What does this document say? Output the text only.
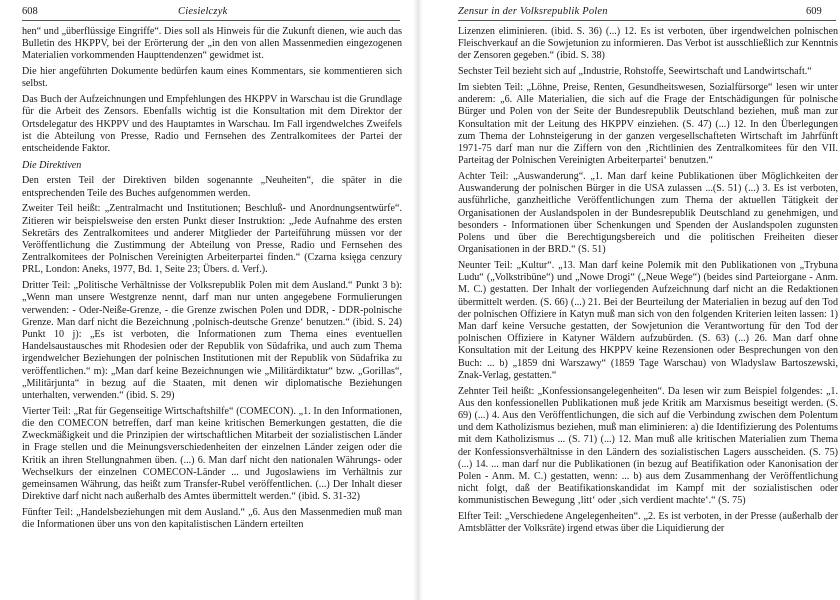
608	Ciesielczyk

hen“ und „überflüssige Eingriffe“. Dies soll als Hinweis für die Zukunft dienen, wie auch das Bulletin des HKPPV, bei der Erörterung der „in den von allen Massenmedien eingezogenen Materialien vorkommenden Haupttendenzen“ gewidmet ist.

Die hier angeführten Dokumente bedürfen kaum eines Kommentars, sie kommentieren sich selbst.

Das Buch der Aufzeichnungen und Empfehlungen des HKPPV in Warschau ist die Grundlage für die Arbeit des Zensors. Ebenfalls wichtig ist die Konsultation mit dem Direktor der Ortsdelegatur des HKPPV und des Hauptamtes in Warschau. Im Fall irgendwelches Zweifels ist die Abteilung von Presse, Radio und Fernsehen des Zentralkomitees der Partei der entscheidende Faktor.

Die Direktiven

Den ersten Teil der Direktiven bilden sogenannte „Neuheiten“, die später in die entsprechenden Teile des Buches aufgenommen werden.

Zweiter Teil heißt: „Zentralmacht und Institutionen; Beschluß- und Anordnungsentwürfe“. Zitieren wir beispielsweise den ersten Punkt dieser Instruktion: „Jede Aufnahme des ersten Sekretärs des Zentralkomitees und anderer Mitglieder der Parteiführung müssen vor der Veröffentlichung die Zustimmung der Abteilung von Presse, Radio und Fernsehen des Zentralkomitees der Polnischen Vereinigten Arbeiterpartei finden.“ (Czarna księga cenzury PRL, London: Aneks, 1977, Bd. 1, Seite 23; Übers. d. Verf.).

Dritter Teil: „Politische Verhältnisse der Volksrepublik Polen mit dem Ausland.“ Punkt 3 b): „Wenn man unsere Westgrenze nennt, darf man nur unten angegebene Formulierungen verwenden: - Oder-Neiße-Grenze, - die Grenze zwischen Polen und DDR, - DDR-polnische Grenze. Man darf nicht die Bezeichnung ‚polnisch-deutsche Grenze‘ benutzen.“ (ibid. S. 24) Punkt 10 j): „Es ist verboten, die Informationen zum Thema eines eventuellen Handelsaustausches mit Rhodesien oder der Republik von Südafrika, und auch zum Thema irgendwelcher Beziehungen der polnischen Institutionen mit der Republik von Südafrika zu veröffentlichen.“ m): „Man darf keine Bezeichnungen wie „Militärdiktatur“ bzw. „Gorillas“, „Militärjunta“ in bezug auf die Staaten, mit denen wir diplomatische Beziehungen unterhalten, verwenden.“ (ibid. S. 29)

Vierter Teil: „Rat für Gegenseitige Wirtschaftshilfe“ (COMECON). „1. In den Informationen, die den COMECON betreffen, darf man keine kritischen Bemerkungen gestatten, die die Zweckmäßigkeit und die Prinzipien der wirtschaftlichen Mitarbeit der sozialistischen Länder in Frage stellen und die Meinungsverschiedenheiten der einzelnen Länder zeigen oder die Kritik an ihren Stellungnahmen üben. (...) 6. Man darf nicht den nationalen Währungs- oder Wechselkurs der einzelnen COMECON-Länder ... und Jugoslawiens im Verhältnis zur gemeinsamen Währung, das heißt zum Transfer-Rubel veröffentlichen. (...) Der Inhalt dieser Direktive darf nicht nach außerhalb des Amtes übermittelt werden.“ (ibid. S. 31-32)

Fünfter Teil: „Handelsbeziehungen mit dem Ausland.“ „6. Aus den Massenmedien muß man die Informationen über uns von den kapitalistischen Ländern erteilten

Zensur in der Volksrepublik Polen	609

Lizenzen eliminieren. (ibid. S. 36) (...) 12. Es ist verboten, über irgendwelchen polnischen Fleischverkauf an die Sowjetunion zu informieren. Das Verbot ist ausschließlich zur Kenntnis der Zensoren gegeben.“ (ibid. S. 38)

Sechster Teil bezieht sich auf „Industrie, Rohstoffe, Seewirtschaft und Landwirtschaft.“

Im siebten Teil: „Löhne, Preise, Renten, Gesundheitswesen, Sozialfürsorge“ lesen wir unter anderem: „6. Alle Materialien, die sich auf die Frage der Entschädigungen für polnische Bürger und Polen von der Seite der Bundesrepublik Deutschland beziehen, muß man zur Konsultation mit der Leitung des HKPPV einziehen. (S. 47) (...) 12. In den Überlegungen zum Thema der Lohnsteigerung in der ganzen vergesellschafteten Wirtschaft im Jahrfünft 1971-75 darf man nur die Ziffern von den ‚Richtlinien des Zentralkomitees für den VII. Parteitag der Polnischen Vereinigten Arbeiterpartei‘ benutzen.“

Achter Teil: „Auswanderung“. „1. Man darf keine Publikationen über Möglichkeiten der Auswanderung der polnischen Bürger in die USA zulassen ...(S. 51) (...) 3. Es ist verboten, ausführliche, ganzheitliche Veröffentlichungen zum Thema der aktuellen Tätigkeit der Organisationen der Auslandspolen in der Bundesrepublik Deutschland zu genehmigen, und besonders - Informationen über Schenkungen und Spenden der Auslandspolen zugunsten Polens und über die Berechtigungsbereich und die politischen Freiheiten dieser Organisationen in der BRD.“ (S. 51)

Neunter Teil: „Kultur“. „13. Man darf keine Polemik mit den Publikationen von „Trybuna Ludu“ („Volkstribüne“) und „Nowe Drogi“ („Neue Wege“) (beides sind Parteiorgane - Anm. M. C.) gestatten. Der Inhalt der vorliegenden Aufzeichnung darf nicht an die Redaktionen übermittelt werden. (S. 66) (...) 21. Bei der Beurteilung der Materialien in bezug auf den Tod der polnischen Offiziere in Katyn muß man sich von den folgenden Kriterien leiten lassen: 1) Man darf keine Versuche gestatten, der Sowjetunion die Verantwortung für den Tod der polnischen Offiziere in Katyner Wäldern aufzubürden. (S. 63) (...) 26. Man darf ohne Konsultation mit der Leitung des HKPPV keine Rezensionen oder Besprechungen von den Buch: ... b) „1859 dni Warszawy“ (1859 Tage Warschau) von Wladyslaw Bartoszewski, Znak-Verlag, gestatten.“

Zehnter Teil heißt: „Konfessionsangelegenheiten“. Da lesen wir zum Beispiel folgendes: „1. Aus den konfessionellen Publikationen muß jede Kritik am Marxismus beseitigt werden. (S. 69) (...) 4. Aus den Veröffentlichungen, die sich auf die Verbindung zwischen dem Polentum und dem Katholizismus beziehen, muß man eliminieren: a) die Identifizierung des Polentums mit dem Katholizismus ... (S. 71) (...) 12. Man muß alle kritischen Materialien zum Thema der Konfessionsverhältnisse in den Ländern des sozialistischen Lagers ausscheiden. (S. 75) (...) 14. ... man darf nur die Publikationen (in bezug auf Beatifikation oder Kanonisation der Polen - Anm. M. C.) gestatten, wenn: ... b) aus dem Zusammenhang der Veröffentlichung nicht folgt, daß der Beatifikationskandidat im Kampf mit der sozialistischen oder kommunistischen Bewegung ‚litt‘ oder ‚sich verdient machte‘.“ (S. 75)

Elfter Teil: „Verschiedene Angelegenheiten“. „2. Es ist verboten, in der Presse (außerhalb der Amtsblätter der Volksräte) irgend etwas über die Liquidierung der
